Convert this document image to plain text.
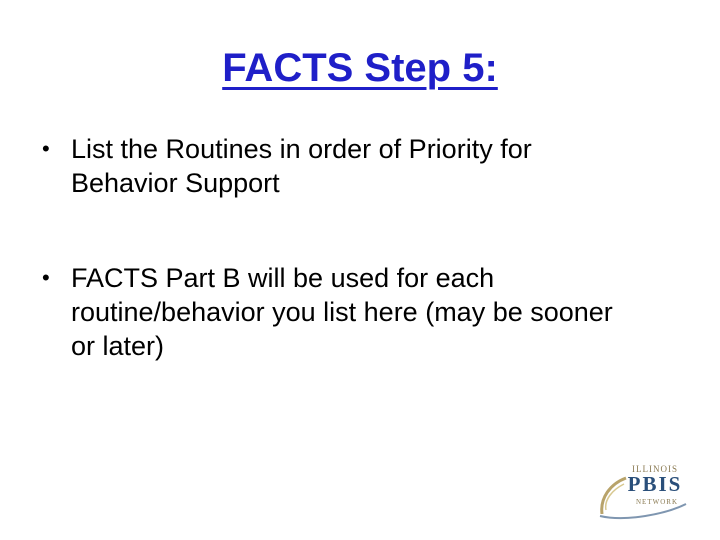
FACTS Step 5:
• List the Routines in order of Priority for Behavior Support
• FACTS Part B will be used for each routine/behavior you list here (may be sooner or later)
ILLINOIS
PBIS
NETWORK
